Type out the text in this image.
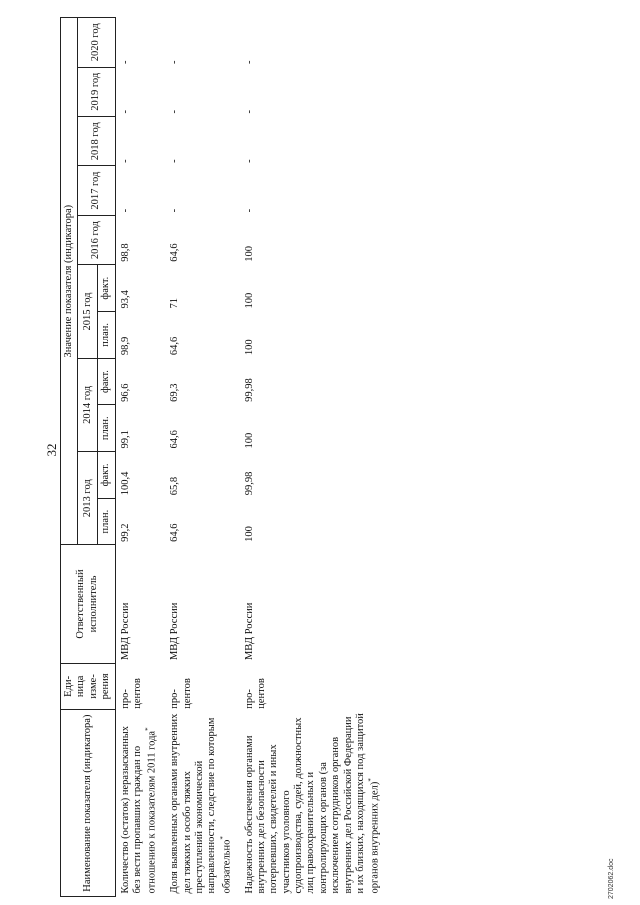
32
Наименование показателя (индикатора)	Еди-ница изме-рения	Ответственный исполнитель	Значение показателя (индикатора)										
			2013 год		2014 год		2015 год		2016 год	2017 год	2018 год	2019 год	2020 год
			план.	факт.	план.	факт.	план.	факт.					
Количество (остаток) неразысканных без вести пропавших граждан по отношению к показателям 2011 года*	про-центов	МВД России	99,2	100,4	99,1	96,6	98,9	93,4	98,8	-	-	-	-
Доля выявленных органами внутренних дел тяжких и особо тяжких преступлений экономической направленности, следствие по которым обязательно*	про-центов	МВД России	64,6	65,8	64,6	69,3	64,6	71	64,6	-	-	-	-
Надежность обеспечения органами внутренних дел безопасности потерпевших, свидетелей и иных участников уголовного судопроизводства, судей, должностных лиц правоохранительных и контролирующих органов (за исключением сотрудников органов внутренних дел Российской Федерации и их близких, находящихся под защитой органов внутренних дел)*	про-центов	МВД России	100	99,98	100	99,98	100	100	100	-	-	-	-
2702062.doc
